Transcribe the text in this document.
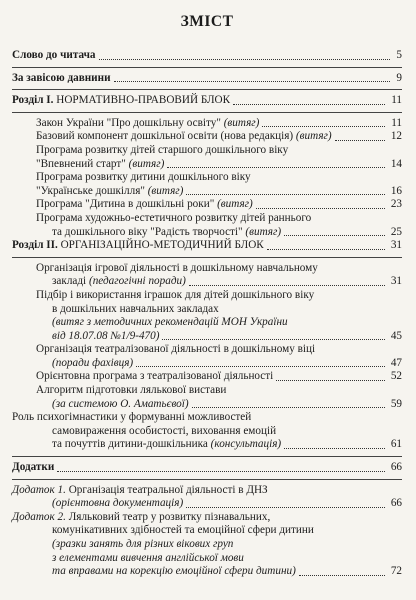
ЗМІСТ
Слово до читача	5
За завісою давнини	9
Розділ I. НОРМАТИВНО-ПРАВОВИЙ БЛОК	11
Закон України "Про дошкільну освіту" (витяг)	11
Базовий компонент дошкільної освіти (нова редакція) (витяг)	12
Програма розвитку дітей старшого дошкільного віку
"Впевнений старт" (витяг)	14
Програма розвитку дитини дошкільного віку
"Українське дошкілля" (витяг)	16
Програма "Дитина в дошкільні роки" (витяг)	23
Програма художньо-естетичного розвитку дітей раннього
та дошкільного віку "Радість творчості" (витяг)	25
Розділ II. ОРГАНІЗАЦІЙНО-МЕТОДИЧНИЙ БЛОК	31
Організація ігрової діяльності в дошкільному навчальному
закладі (педагогічні поради)	31
Підбір і використання іграшок для дітей дошкільного віку
в дошкільних навчальних закладах
(витяг з методичних рекомендацій МОН України
від 18.07.08 №1/9-470)	45
Організація театралізованої діяльності в дошкільному віці
(поради фахівця)	47
Орієнтовна програма з театралізованої діяльності	52
Алгоритм підготовки лялькової вистави
(за системою О. Аматьєвої)	59
Роль психогімнастики у формуванні можливостей
самовираження особистості, виховання емоцій
та почуттів дитини-дошкільника (консультація)	61
Додатки	66
Додаток 1. Організація театральної діяльності в ДНЗ
(орієнтовна документація)	66
Додаток 2. Ляльковий театр у розвитку пізнавальних,
комунікативних здібностей та емоційної сфери дитини
(зразки занять для різних вікових груп
з елементами вивчення англійської мови
та вправами на корекцію емоційної сфери дитини)	72
